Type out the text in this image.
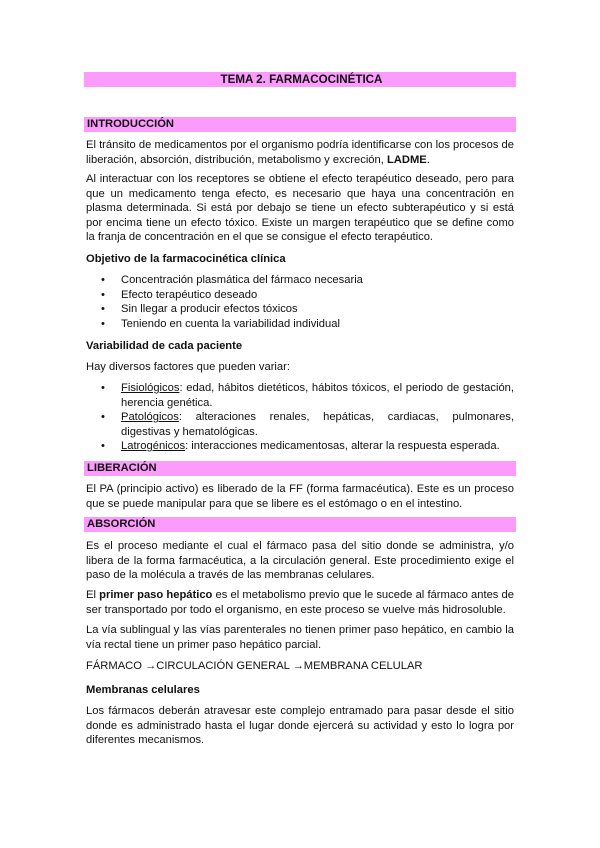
TEMA 2. FARMACOCINÉTICA
INTRODUCCIÓN
El tránsito de medicamentos por el organismo podría identificarse con los procesos de liberación, absorción, distribución, metabolismo y excreción, LADME.
Al interactuar con los receptores se obtiene el efecto terapéutico deseado, pero para que un medicamento tenga efecto, es necesario que haya una concentración en plasma determinada. Si está por debajo se tiene un efecto subterapéutico y si está por encima tiene un efecto tóxico. Existe un margen terapéutico que se define como la franja de concentración en el que se consigue el efecto terapéutico.
Objetivo de la farmacocinética clínica
• Concentración plasmática del fármaco necesaria
• Efecto terapéutico deseado
• Sin llegar a producir efectos tóxicos
• Teniendo en cuenta la variabilidad individual
Variabilidad de cada paciente
Hay diversos factores que pueden variar:
• Fisiológicos: edad, hábitos dietéticos, hábitos tóxicos, el periodo de gestación, herencia genética.
• Patológicos: alteraciones renales, hepáticas, cardiacas, pulmonares, digestivas y hematológicas.
• Latrogénicos: interacciones medicamentosas, alterar la respuesta esperada.
LIBERACIÓN
El PA (principio activo) es liberado de la FF (forma farmacéutica). Este es un proceso que se puede manipular para que se libere es el estómago o en el intestino.
ABSORCIÓN
Es el proceso mediante el cual el fármaco pasa del sitio donde se administra, y/o libera de la forma farmacéutica, a la circulación general. Este procedimiento exige el paso de la molécula a través de las membranas celulares.
El primer paso hepático es el metabolismo previo que le sucede al fármaco antes de ser transportado por todo el organismo, en este proceso se vuelve más hidrosoluble.
La vía sublingual y las vías parenterales no tienen primer paso hepático, en cambio la vía rectal tiene un primer paso hepático parcial.
FÁRMACO →CIRCULACIÓN GENERAL →MEMBRANA CELULAR
Membranas celulares
Los fármacos deberán atravesar este complejo entramado para pasar desde el sitio donde es administrado hasta el lugar donde ejercerá su actividad y esto lo logra por diferentes mecanismos.
